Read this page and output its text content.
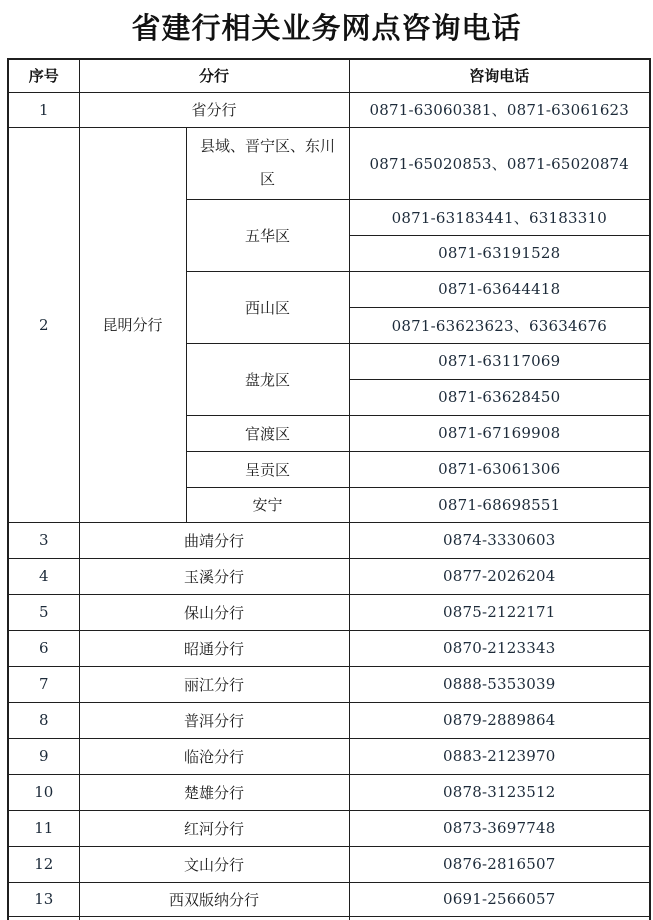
省建行相关业务网点咨询电话
序号	分行		咨询电话
1	省分行		0871-63060381、0871-63061623
2	昆明分行	县域、晋宁区、东川区	0871-65020853、0871-65020874
		五华区	0871-63183441、63183310
			0871-63191528
		西山区	0871-63644418
			0871-63623623、63634676
		盘龙区	0871-63117069
			0871-63628450
		官渡区	0871-67169908
		呈贡区	0871-63061306
		安宁	0871-68698551
3	曲靖分行		0874-3330603
4	玉溪分行		0877-2026204
5	保山分行		0875-2122171
6	昭通分行		0870-2123343
7	丽江分行		0888-5353039
8	普洱分行		0879-2889864
9	临沧分行		0883-2123970
10	楚雄分行		0878-3123512
11	红河分行		0873-3697748
12	文山分行		0876-2816507
13	西双版纳分行		0691-2566057
